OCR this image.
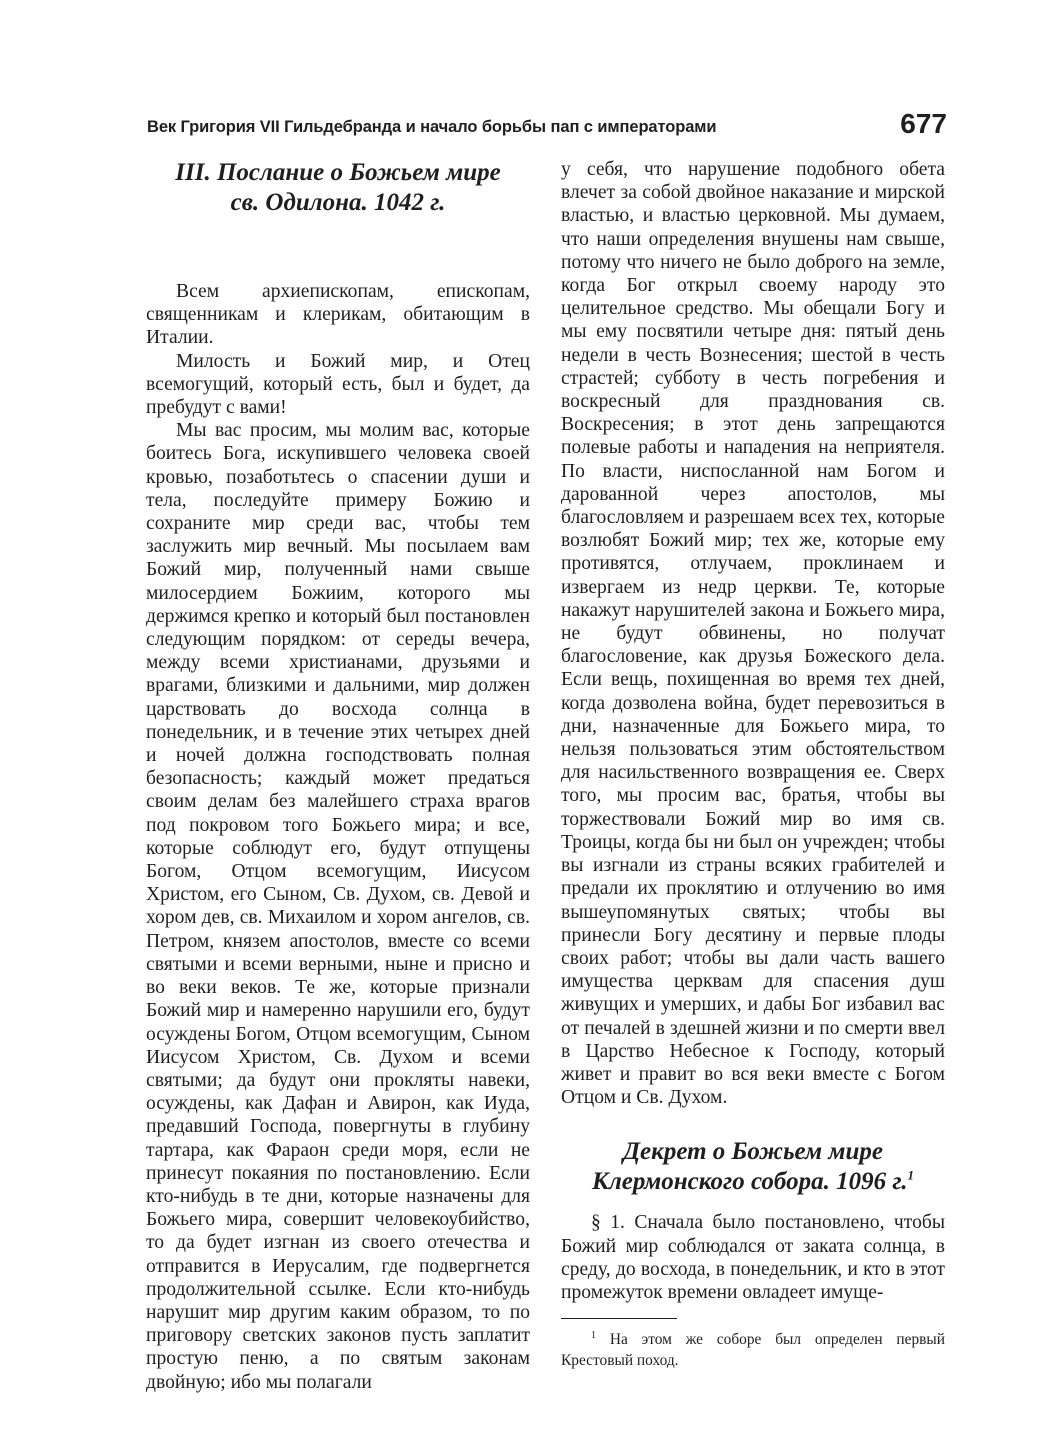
Век Григория VII Гильдебранда и начало борьбы пап с императорами	677
III. Послание о Божьем мире
св. Одилона. 1042 г.

Всем архиепископам, епископам, священникам и клерикам, обитающим в Италии.

Милость и Божий мир, и Отец всемогущий, который есть, был и будет, да пребудут с вами!

Мы вас просим, мы молим вас, которые боитесь Бога, искупившего человека своей кровью, позаботьтесь о спасении души и тела, последуйте примеру Божию и сохраните мир среди вас, чтобы тем заслужить мир вечный. Мы посылаем вам Божий мир, полученный нами свыше милосердием Божиим, которого мы держимся крепко и который был постановлен следующим порядком: от середы вечера, между всеми христианами, друзьями и врагами, близкими и дальними, мир должен царствовать до восхода солнца в понедельник, и в течение этих четырех дней и ночей должна господствовать полная безопасность; каждый может предаться своим делам без малейшего страха врагов под покровом того Божьего мира; и все, которые соблюдут его, будут отпущены Богом, Отцом всемогущим, Иисусом Христом, его Сыном, Св. Духом, св. Девой и хором дев, св. Михаилом и хором ангелов, св. Петром, князем апостолов, вместе со всеми святыми и всеми верными, ныне и присно и во веки веков. Те же, которые признали Божий мир и намеренно нарушили его, будут осуждены Богом, Отцом всемогущим, Сыном Иисусом Христом, Св. Духом и всеми святыми; да будут они прокляты навеки, осуждены, как Дафан и Авирон, как Иуда, предавший Господа, повергнуты в глубину тартара, как Фараон среди моря, если не принесут покаяния по постановлению. Если кто-нибудь в те дни, которые назначены для Божьего мира, совершит человекоубийство, то да будет изгнан из своего отечества и отправится в Иерусалим, где подвергнется продолжительной ссылке. Если кто-нибудь нарушит мир другим каким образом, то по приговору светских законов пусть заплатит простую пеню, а по святым законам двойную; ибо мы полагали

у себя, что нарушение подобного обета влечет за собой двойное наказание и мирской властью, и властью церковной. Мы думаем, что наши определения внушены нам свыше, потому что ничего не было доброго на земле, когда Бог открыл своему народу это целительное средство. Мы обещали Богу и мы ему посвятили четыре дня: пятый день недели в честь Вознесения; шестой в честь страстей; субботу в честь погребения и воскресный для празднования св. Воскресения; в этот день запрещаются полевые работы и нападения на неприятеля. По власти, ниспосланной нам Богом и дарованной через апостолов, мы благословляем и разрешаем всех тех, которые возлюбят Божий мир; тех же, которые ему противятся, отлучаем, проклинаем и извергаем из недр церкви. Те, которые накажут нарушителей закона и Божьего мира, не будут обвинены, но получат благословение, как друзья Божеского дела. Если вещь, похищенная во время тех дней, когда дозволена война, будет перевозиться в дни, назначенные для Божьего мира, то нельзя пользоваться этим обстоятельством для насильственного возвращения ее. Сверх того, мы просим вас, братья, чтобы вы торжествовали Божий мир во имя св. Троицы, когда бы ни был он учрежден; чтобы вы изгнали из страны всяких грабителей и предали их проклятию и отлучению во имя вышеупомянутых святых; чтобы вы принесли Богу десятину и первые плоды своих работ; чтобы вы дали часть вашего имущества церквам для спасения душ живущих и умерших, и дабы Бог избавил вас от печалей в здешней жизни и по смерти ввел в Царство Небесное к Господу, который живет и правит во вся веки вместе с Богом Отцом и Св. Духом.

Декрет о Божьем мире
Клермонского собора. 1096 г.$^1$

§ 1. Сначала было постановлено, чтобы Божий мир соблюдался от заката солнца, в среду, до восхода, в понедельник, и кто в этот промежуток времени овладеет имуще-

$^1$ На этом же соборе был определен первый Крестовый поход.
